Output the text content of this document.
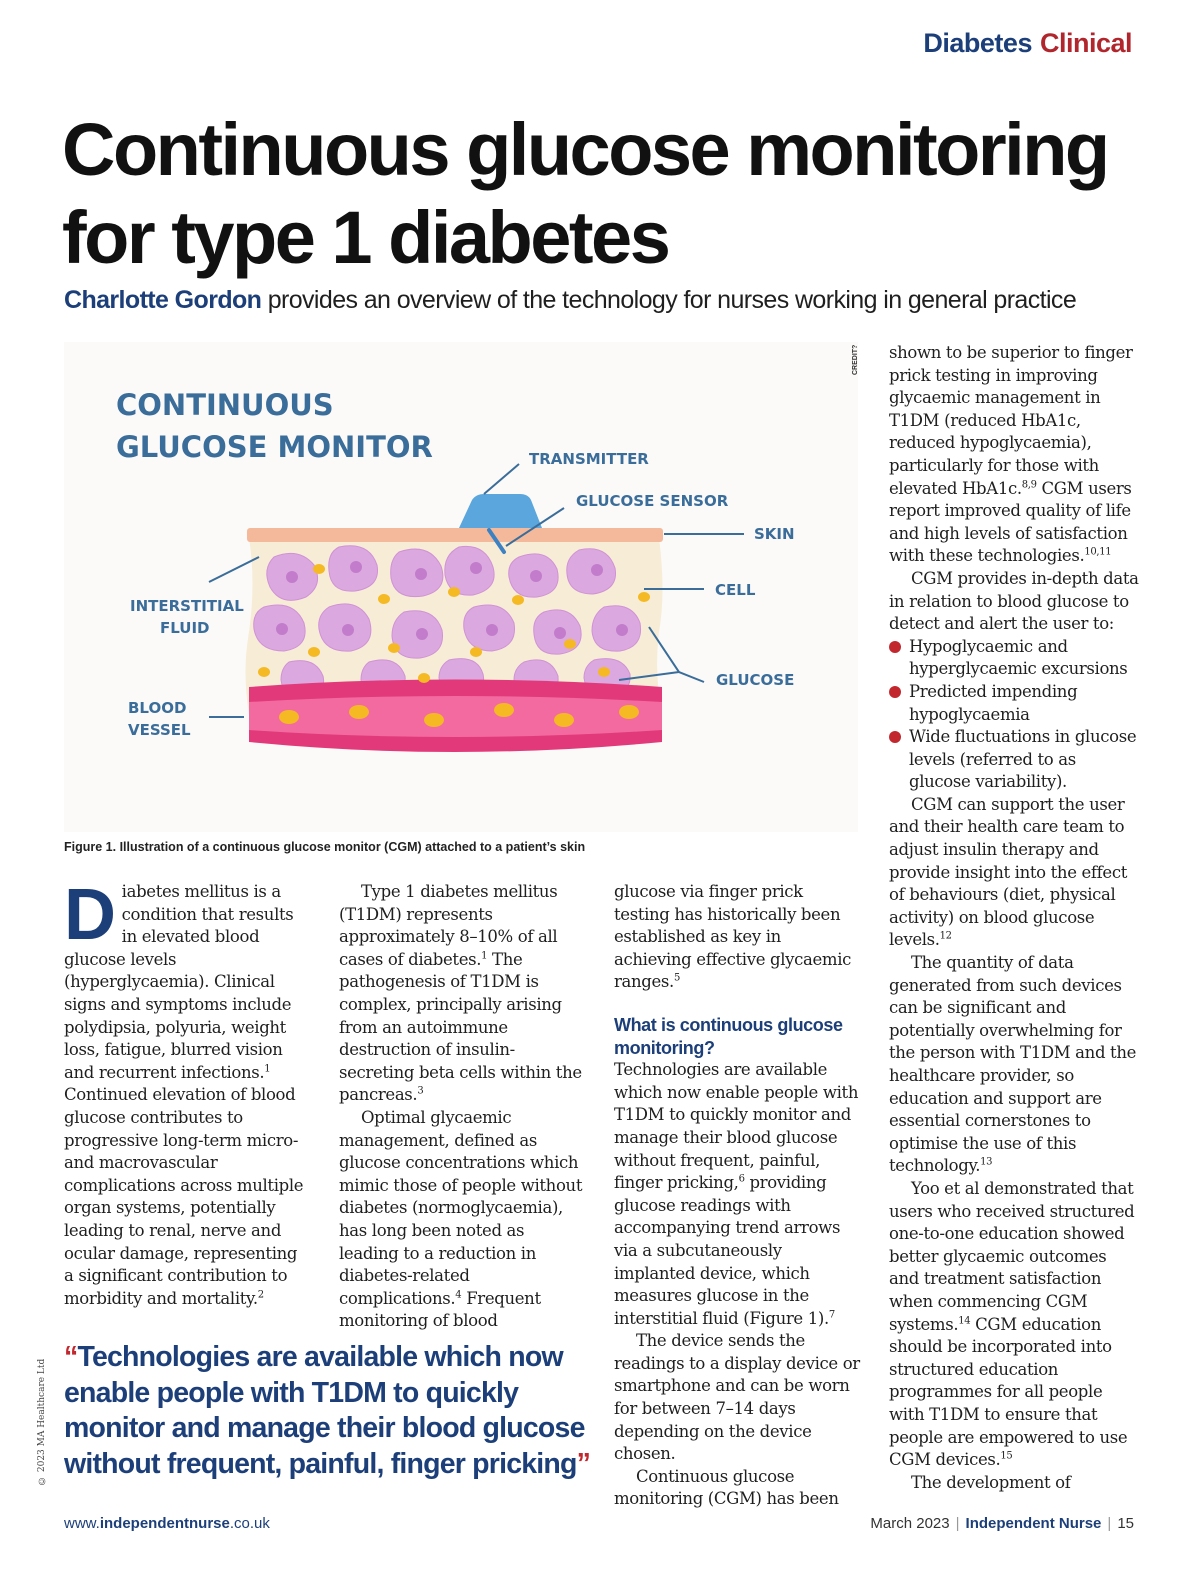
Diabetes Clinical
Continuous glucose monitoring for type 1 diabetes
Charlotte Gordon provides an overview of the technology for nurses working in general practice
CONTINUOUS
GLUCOSE MONITOR	TRANSMITTER
GLUCOSE SENSOR
SKIN
CELL
GLUCOSE
INTERSTITIAL
FLUID
BLOOD
VESSEL
CREDIT?
Figure 1. Illustration of a continuous glucose monitor (CGM) attached to a patient’s skin

Diabetes mellitus is a condition that results in elevated blood glucose levels (hyperglycaemia). Clinical signs and symptoms include polydipsia, polyuria, weight loss, fatigue, blurred vision and recurrent infections.$^1$ Continued elevation of blood glucose contributes to progressive long-term micro- and macrovascular complications across multiple organ systems, potentially leading to renal, nerve and ocular damage, representing a significant contribution to morbidity and mortality.$^2$

Type 1 diabetes mellitus (T1DM) represents approximately 8–10% of all cases of diabetes.$^1$ The pathogenesis of T1DM is complex, principally arising from an autoimmune destruction of insulin-secreting beta cells within the pancreas.$^3$

Optimal glycaemic management, defined as glucose concentrations which mimic those of people without diabetes (normoglycaemia), has long been noted as leading to a reduction in diabetes-related complications.$^4$ Frequent monitoring of blood

glucose via finger prick testing has historically been established as key in achieving effective glycaemic ranges.$^5$

What is continuous glucose monitoring?

Technologies are available which now enable people with T1DM to quickly monitor and manage their blood glucose without frequent, painful, finger pricking,$^6$ providing glucose readings with accompanying trend arrows via a subcutaneously implanted device, which measures glucose in the interstitial fluid (Figure 1).$^7$

The device sends the readings to a display device or smartphone and can be worn for between 7–14 days depending on the device chosen.

Continuous glucose monitoring (CGM) has been

shown to be superior to finger prick testing in improving glycaemic management in T1DM (reduced HbA1c, reduced hypoglycaemia), particularly for those with elevated HbA1c.$^{8,9}$ CGM users report improved quality of life and high levels of satisfaction with these technologies.$^{10,11}$

CGM provides in-depth data in relation to blood glucose to detect and alert the user to:

Hypoglycaemic and hyperglycaemic excursions
Predicted impending hypoglycaemia
Wide fluctuations in glucose levels (referred to as glucose variability).

CGM can support the user and their health care team to adjust insulin therapy and provide insight into the effect of behaviours (diet, physical activity) on blood glucose levels.$^{12}$

The quantity of data generated from such devices can be significant and potentially overwhelming for the person with T1DM and the healthcare provider, so education and support are essential cornerstones to optimise the use of this technology.$^{13}$

Yoo et al demonstrated that users who received structured one-to-one education showed better glycaemic outcomes and treatment satisfaction when commencing CGM systems.$^{14}$ CGM education should be incorporated into structured education programmes for all people with T1DM to ensure that people are empowered to use CGM devices.$^{15}$

The development of

“Technologies are available which now enable people with T1DM to quickly monitor and manage their blood glucose without frequent, painful, finger pricking”
© 2023 MA Healthcare Ltd
www.independentnurse.co.uk	March 2023 | Independent Nurse | 15
